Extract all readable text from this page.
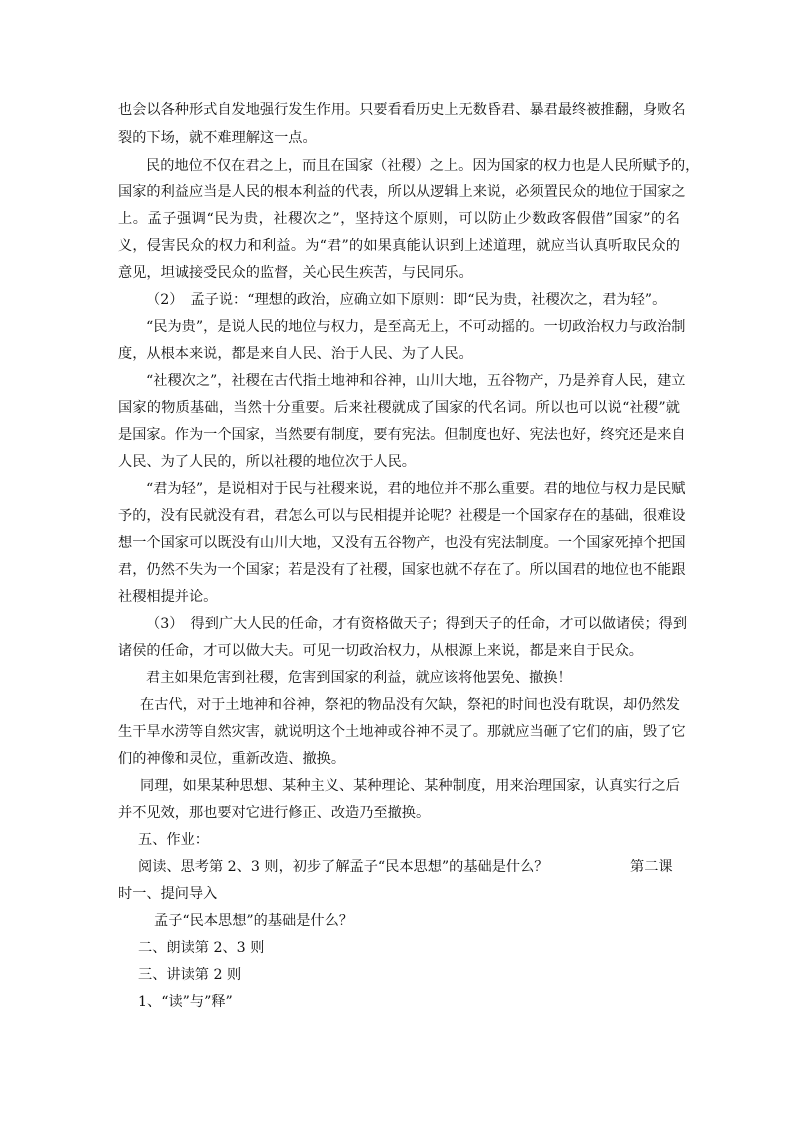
也会以各种形式自发地强行发生作用。只要看看历史上无数昏君、暴君最终被推翻，身败名
裂的下场，就不难理解这一点。
民的地位不仅在君之上，而且在国家（社稷）之上。因为国家的权力也是人民所赋予的，
国家的利益应当是人民的根本利益的代表，所以从逻辑上来说，必须置民众的地位于国家之
上。孟子强调“民为贵，社稷次之”，坚持这个原则，可以防止少数政客假借”国家”的名
义，侵害民众的权力和利益。为“君”的如果真能认识到上述道理，就应当认真听取民众的
意见，坦诚接受民众的监督，关心民生疾苦，与民同乐。
（2）　孟子说：“理想的政治，应确立如下原则：即“民为贵，社稷次之，君为轻”。
“民为贵”，是说人民的地位与权力，是至高无上，不可动摇的。一切政治权力与政治制
度，从根本来说，都是来自人民、治于人民、为了人民。
“社稷次之”，社稷在古代指土地神和谷神，山川大地，五谷物产，乃是养育人民，建立
国家的物质基础，当然十分重要。后来社稷就成了国家的代名词。所以也可以说“社稷”就
是国家。作为一个国家，当然要有制度，要有宪法。但制度也好、宪法也好，终究还是来自
人民、为了人民的，所以社稷的地位次于人民。
“君为轻”，是说相对于民与社稷来说，君的地位并不那么重要。君的地位与权力是民赋
予的，没有民就没有君，君怎么可以与民相提并论呢？社稷是一个国家存在的基础，很难设
想一个国家可以既没有山川大地，又没有五谷物产，也没有宪法制度。一个国家死掉个把国
君，仍然不失为一个国家；若是没有了社稷，国家也就不存在了。所以国君的地位也不能跟
社稷相提并论。
（3）　得到广大人民的任命，才有资格做天子；得到天子的任命，才可以做诸侯；得到
诸侯的任命，才可以做大夫。可见一切政治权力，从根源上来说，都是来自于民众。
君主如果危害到社稷，危害到国家的利益，就应该将他罢免、撤换！
在古代，对于土地神和谷神，祭祀的物品没有欠缺，祭祀的时间也没有耽误，却仍然发
生干旱水涝等自然灾害，就说明这个土地神或谷神不灵了。那就应当砸了它们的庙，毁了它
们的神像和灵位，重新改造、撤换。
同理，如果某种思想、某种主义、某种理论、某种制度，用来治理国家，认真实行之后
并不见效，那也要对它进行修正、改造乃至撤换。
五、作业：
阅读、思考第 2、3 则，初步了解孟子“民本思想”的基础是什么？	第二课
时一、提问导入
孟子“民本思想”的基础是什么？
二、朗读第 2、3 则
三、讲读第 2 则
1、“读”与”释”
